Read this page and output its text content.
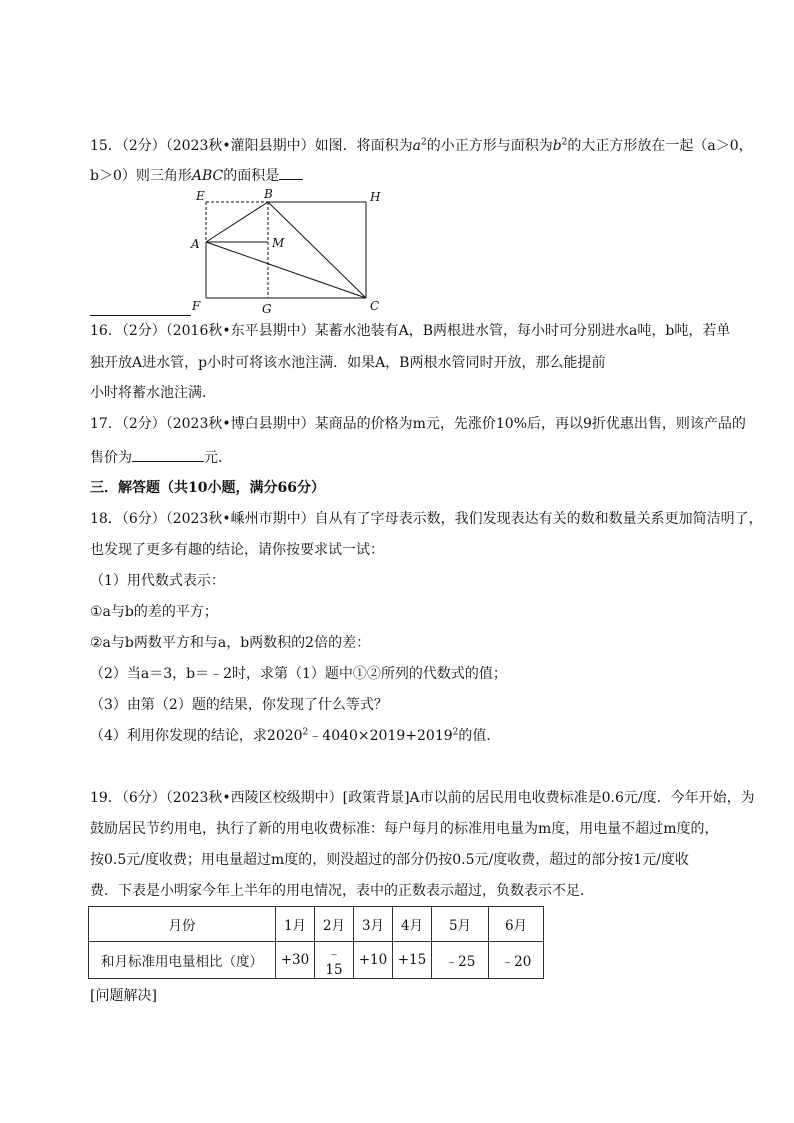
15．（2分）（2023秋•灌阳县期中）如图．将面积为$a^2$的小正方形与面积为$b^2$的大正方形放在一起（a＞0，
b＞0）则三角形ABC的面积是
E	B	H
A	M
F	G	C
16．（2分）（2016秋•东平县期中）某蓄水池装有A，B两根进水管，每小时可分别进水a吨，b吨，若单
独开放A进水管，p小时可将该水池注满．如果A，B两根水管同时开放，那么能提前
小时将蓄水池注满．
17．（2分）（2023秋•博白县期中）某商品的价格为m元，先涨价10%后，再以9折优惠出售，则该产品的
售价为	元．
三．解答题（共10小题，满分66分）
18．（6分）（2023秋•嵊州市期中）自从有了字母表示数，我们发现表达有关的数和数量关系更加简洁明了，
也发现了更多有趣的结论，请你按要求试一试：
（1）用代数式表示：
①a与b的差的平方；
②a与b两数平方和与a，b两数积的2倍的差：
（2）当a＝3，b＝﹣2时，求第（1）题中①②所列的代数式的值；
（3）由第（2）题的结果，你发现了什么等式？
（4）利用你发现的结论，求$2020^2﹣4040\times 2019+2019^2$的值．
19．（6分）（2023秋•西陵区校级期中）[政策背景]A市以前的居民用电收费标准是0.6元/度．今年开始，为
鼓励居民节约用电，执行了新的用电收费标准：每户每月的标准用电量为m度，用电量不超过m度的，
按0.5元/度收费；用电量超过m度的，则没超过的部分仍按0.5元/度收费，超过的部分按1元/度收
费．下表是小明家今年上半年的用电情况，表中的正数表示超过，负数表示不足．
月份	1月	2月	3月	4月	5月	6月
和月标准用电量相比（度）	+30	﹣15	+10	+15	﹣25	﹣20
[问题解决]
